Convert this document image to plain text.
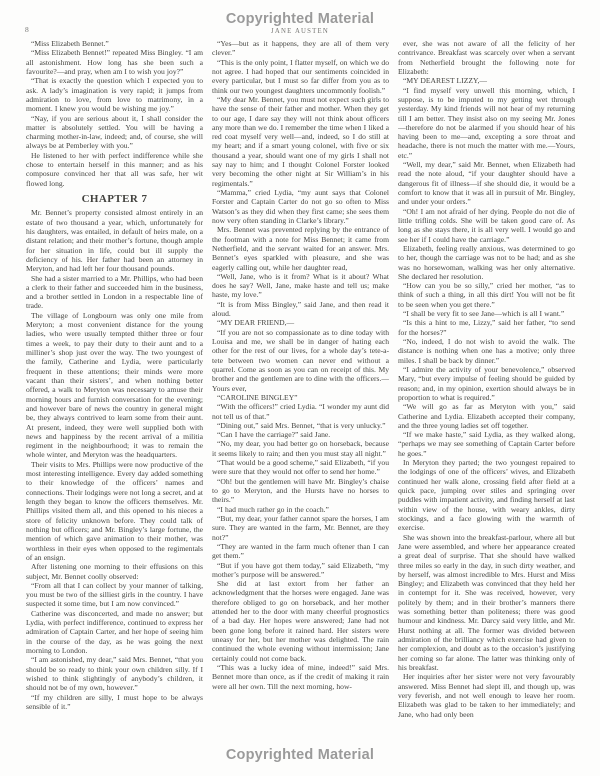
Copyrighted Material
8	JANE AUSTEN

“Miss Elizabeth Bennet.”

“Miss Elizabeth Bennet!” repeated Miss Bingley. “I am all astonishment. How long has she been such a favourite?—and pray, when am I to wish you joy?”

“That is exactly the question which I expected you to ask. A lady’s imagination is very rapid; it jumps from admiration to love, from love to matrimony, in a moment. I knew you would be wishing me joy.”

“Nay, if you are serious about it, I shall consider the matter is absolutely settled. You will be having a charming mother-in-law, indeed; and, of course, she will always be at Pemberley with you.”

He listened to her with perfect indifference while she chose to entertain herself in this manner; and as his composure convinced her that all was safe, her wit flowed long.

CHAPTER 7

Mr. Bennet’s property consisted almost entirely in an estate of two thousand a year, which, unfortunately for his daughters, was entailed, in default of heirs male, on a distant relation; and their mother’s fortune, though ample for her situation in life, could but ill supply the deficiency of his. Her father had been an attorney in Meryton, and had left her four thousand pounds.

She had a sister married to a Mr. Phillips, who had been a clerk to their father and succeeded him in the business, and a brother settled in London in a respectable line of trade.

The village of Longbourn was only one mile from Meryton; a most convenient distance for the young ladies, who were usually tempted thither three or four times a week, to pay their duty to their aunt and to a milliner’s shop just over the way. The two youngest of the family, Catherine and Lydia, were particularly frequent in these attentions; their minds were more vacant than their sisters’, and when nothing better offered, a walk to Meryton was necessary to amuse their morning hours and furnish conversation for the evening; and however bare of news the country in general might be, they always contrived to learn some from their aunt. At present, indeed, they were well supplied both with news and happiness by the recent arrival of a militia regiment in the neighbourhood; it was to remain the whole winter, and Meryton was the headquarters.

Their visits to Mrs. Phillips were now productive of the most interesting intelligence. Every day added something to their knowledge of the officers’ names and connections. Their lodgings were not long a secret, and at length they began to know the officers themselves. Mr. Phillips visited them all, and this opened to his nieces a store of felicity unknown before. They could talk of nothing but officers; and Mr. Bingley’s large fortune, the mention of which gave animation to their mother, was worthless in their eyes when opposed to the regimentals of an ensign.

After listening one morning to their effusions on this subject, Mr. Bennet coolly observed:

“From all that I can collect by your manner of talking, you must be two of the silliest girls in the country. I have suspected it some time, but I am now convinced.”

Catherine was disconcerted, and made no answer; but Lydia, with perfect indifference, continued to express her admiration of Captain Carter, and her hope of seeing him in the course of the day, as he was going the next morning to London.

“I am astonished, my dear,” said Mrs. Bennet, “that you should be so ready to think your own children silly. If I wished to think slightingly of anybody’s children, it should not be of my own, however.”

“If my children are silly, I must hope to be always sensible of it.”

“Yes—but as it happens, they are all of them very clever.”

“This is the only point, I flatter myself, on which we do not agree. I had hoped that our sentiments coincided in every particular, but I must so far differ from you as to think our two youngest daughters uncommonly foolish.”

“My dear Mr. Bennet, you must not expect such girls to have the sense of their father and mother. When they get to our age, I dare say they will not think about officers any more than we do. I remember the time when I liked a red coat myself very well—and, indeed, so I do still at my heart; and if a smart young colonel, with five or six thousand a year, should want one of my girls I shall not say nay to him; and I thought Colonel Forster looked very becoming the other night at Sir William’s in his regimentals.”

“Mamma,” cried Lydia, “my aunt says that Colonel Forster and Captain Carter do not go so often to Miss Watson’s as they did when they first came; she sees them now very often standing in Clarke’s library.”

Mrs. Bennet was prevented replying by the entrance of the footman with a note for Miss Bennet; it came from Netherfield, and the servant waited for an answer. Mrs. Bennet’s eyes sparkled with pleasure, and she was eagerly calling out, while her daughter read,

“Well, Jane, who is it from? What is it about? What does he say? Well, Jane, make haste and tell us; make haste, my love.”

“It is from Miss Bingley,” said Jane, and then read it aloud.

“MY DEAR FRIEND,—

“If you are not so compassionate as to dine today with Louisa and me, we shall be in danger of hating each other for the rest of our lives, for a whole day’s tete-a-tete between two women can never end without a quarrel. Come as soon as you can on receipt of this. My brother and the gentlemen are to dine with the officers.—Yours ever,

“CAROLINE BINGLEY”

“With the officers!” cried Lydia. “I wonder my aunt did not tell us of that.”

“Dining out,” said Mrs. Bennet, “that is very unlucky.”

“Can I have the carriage?” said Jane.

“No, my dear, you had better go on horseback, because it seems likely to rain; and then you must stay all night.”

“That would be a good scheme,” said Elizabeth, “if you were sure that they would not offer to send her home.”

“Oh! but the gentlemen will have Mr. Bingley’s chaise to go to Meryton, and the Hursts have no horses to theirs.”

“I had much rather go in the coach.”

“But, my dear, your father cannot spare the horses, I am sure. They are wanted in the farm, Mr. Bennet, are they not?”

“They are wanted in the farm much oftener than I can get them.”

“But if you have got them today,” said Elizabeth, “my mother’s purpose will be answered.”

She did at last extort from her father an acknowledgment that the horses were engaged. Jane was therefore obliged to go on horseback, and her mother attended her to the door with many cheerful prognostics of a bad day. Her hopes were answered; Jane had not been gone long before it rained hard. Her sisters were uneasy for her, but her mother was delighted. The rain continued the whole evening without intermission; Jane certainly could not come back.

“This was a lucky idea of mine, indeed!” said Mrs. Bennet more than once, as if the credit of making it rain were all her own. Till the next morning, how-

ever, she was not aware of all the felicity of her contrivance. Breakfast was scarcely over when a servant from Netherfield brought the following note for Elizabeth:

“MY DEAREST LIZZY,—

“I find myself very unwell this morning, which, I suppose, is to be imputed to my getting wet through yesterday. My kind friends will not hear of my returning till I am better. They insist also on my seeing Mr. Jones—therefore do not be alarmed if you should hear of his having been to me—and, excepting a sore throat and headache, there is not much the matter with me.—Yours, etc.”

“Well, my dear,” said Mr. Bennet, when Elizabeth had read the note aloud, “if your daughter should have a dangerous fit of illness—if she should die, it would be a comfort to know that it was all in pursuit of Mr. Bingley, and under your orders.”

“Oh! I am not afraid of her dying. People do not die of little trifling colds. She will be taken good care of. As long as she stays there, it is all very well. I would go and see her if I could have the carriage.”

Elizabeth, feeling really anxious, was determined to go to her, though the carriage was not to be had; and as she was no horsewoman, walking was her only alternative. She declared her resolution.

“How can you be so silly,” cried her mother, “as to think of such a thing, in all this dirt! You will not be fit to be seen when you get there.”

“I shall be very fit to see Jane—which is all I want.”

“Is this a hint to me, Lizzy,” said her father, “to send for the horses?”

“No, indeed, I do not wish to avoid the walk. The distance is nothing when one has a motive; only three miles. I shall be back by dinner.”

“I admire the activity of your benevolence,” observed Mary, “but every impulse of feeling should be guided by reason; and, in my opinion, exertion should always be in proportion to what is required.”

“We will go as far as Meryton with you,” said Catherine and Lydia. Elizabeth accepted their company, and the three young ladies set off together.

“If we make haste,” said Lydia, as they walked along, “perhaps we may see something of Captain Carter before he goes.”

In Meryton they parted; the two youngest repaired to the lodgings of one of the officers’ wives, and Elizabeth continued her walk alone, crossing field after field at a quick pace, jumping over stiles and springing over puddles with impatient activity, and finding herself at last within view of the house, with weary ankles, dirty stockings, and a face glowing with the warmth of exercise.

She was shown into the breakfast-parlour, where all but Jane were assembled, and where her appearance created a great deal of surprise. That she should have walked three miles so early in the day, in such dirty weather, and by herself, was almost incredible to Mrs. Hurst and Miss Bingley; and Elizabeth was convinced that they held her in contempt for it. She was received, however, very politely by them; and in their brother’s manners there was something better than politeness; there was good humour and kindness. Mr. Darcy said very little, and Mr. Hurst nothing at all. The former was divided between admiration of the brilliancy which exercise had given to her complexion, and doubt as to the occasion’s justifying her coming so far alone. The latter was thinking only of his breakfast.

Her inquiries after her sister were not very favourably answered. Miss Bennet had slept ill, and though up, was very feverish, and not well enough to leave her room. Elizabeth was glad to be taken to her immediately; and Jane, who had only been

Copyrighted Material
